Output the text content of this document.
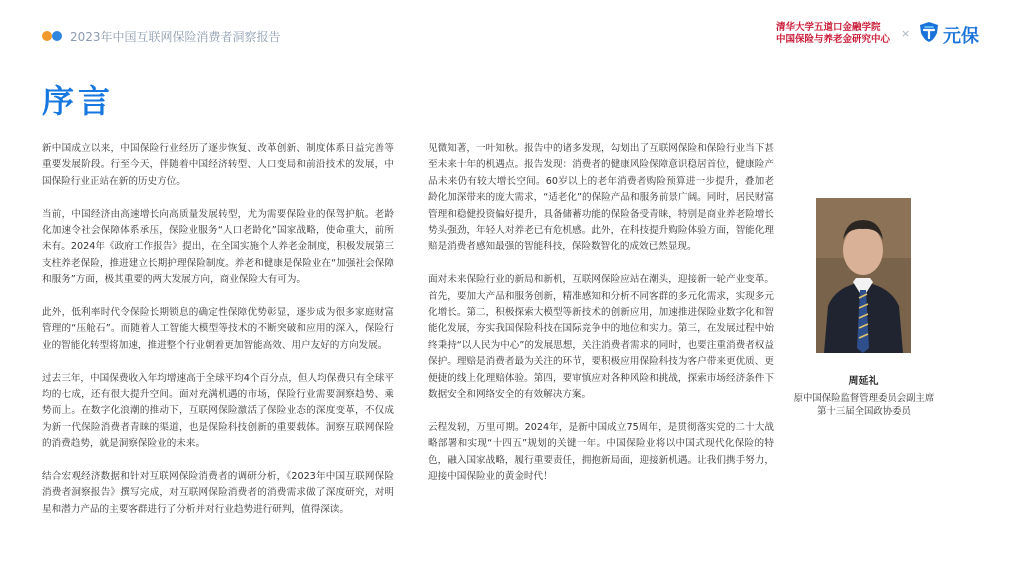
2023年中国互联网保险消费者洞察报告
清华大学五道口金融学院
中国保险与养老金研究中心 × 元保
序言

新中国成立以来，中国保险行业经历了逐步恢复、改革创新、制度体系日益完善等重要发展阶段。行至今天，伴随着中国经济转型、人口变局和前沿技术的发展，中国保险行业正站在新的历史方位。

当前，中国经济由高速增长向高质量发展转型，尤为需要保险业的保驾护航。老龄化加速令社会保障体系承压，保险业服务“人口老龄化”国家战略，使命重大，前所未有。2024年《政府工作报告》提出，在全国实施个人养老金制度，积极发展第三支柱养老保险，推进建立长期护理保险制度。养老和健康是保险业在“加强社会保障和服务”方面，极其重要的两大发展方向，商业保险大有可为。

此外，低利率时代令保险长期锁息的确定性保障优势彰显，逐步成为很多家庭财富管理的“压舱石”。而随着人工智能大模型等技术的不断突破和应用的深入，保险行业的智能化转型将加速，推进整个行业朝着更加智能高效、用户友好的方向发展。

过去三年，中国保费收入年均增速高于全球平均4个百分点，但人均保费只有全球平均的七成，还有很大提升空间。面对充满机遇的市场，保险行业需要洞察趋势、乘势而上。在数字化浪潮的推动下，互联网保险激活了保险业态的深度变革，不仅成为新一代保险消费者青睐的渠道，也是保险科技创新的重要载体。洞察互联网保险的消费趋势，就是洞察保险业的未来。

结合宏观经济数据和针对互联网保险消费者的调研分析，《2023年中国互联网保险消费者洞察报告》撰写完成，对互联网保险消费者的消费需求做了深度研究，对明星和潜力产品的主要客群进行了分析并对行业趋势进行研判，值得深读。

见微知著，一叶知秋。报告中的诸多发现，勾划出了互联网保险和保险行业当下甚至未来十年的机遇点。报告发现：消费者的健康风险保障意识稳居首位，健康险产品未来仍有较大增长空间。60岁以上的老年消费者购险预算进一步提升，叠加老龄化加深带来的庞大需求，“适老化”的保险产品和服务前景广阔。同时，居民财富管理和稳健投资偏好提升，具备储蓄功能的保险备受青睐，特别是商业养老险增长势头强劲，年轻人对养老已有危机感。此外，在科技提升购险体验方面，智能化理赔是消费者感知最强的智能科技，保险数智化的成效已然显现。

面对未来保险行业的新局和新机，互联网保险应站在潮头，迎接新一轮产业变革。首先，要加大产品和服务创新，精准感知和分析不同客群的多元化需求，实现多元化增长。第二，积极探索大模型等新技术的创新应用，加速推进保险业数字化和智能化发展，夯实我国保险科技在国际竞争中的地位和实力。第三，在发展过程中始终秉持“以人民为中心”的发展思想，关注消费者需求的同时，也要注重消费者权益保护。理赔是消费者最为关注的环节，要积极应用保险科技为客户带来更优质、更便捷的线上化理赔体验。第四，要审慎应对各种风险和挑战，探索市场经济条件下数据安全和网络安全的有效解决方案。

云程发轫，万里可期。2024年，是新中国成立75周年，是贯彻落实党的二十大战略部署和实现“十四五”规划的关键一年。中国保险业将以中国式现代化保险的特色，融入国家战略，履行重要责任，拥抱新局面，迎接新机遇。让我们携手努力，迎接中国保险业的黄金时代！

周延礼
原中国保险监督管理委员会副主席
第十三届全国政协委员
